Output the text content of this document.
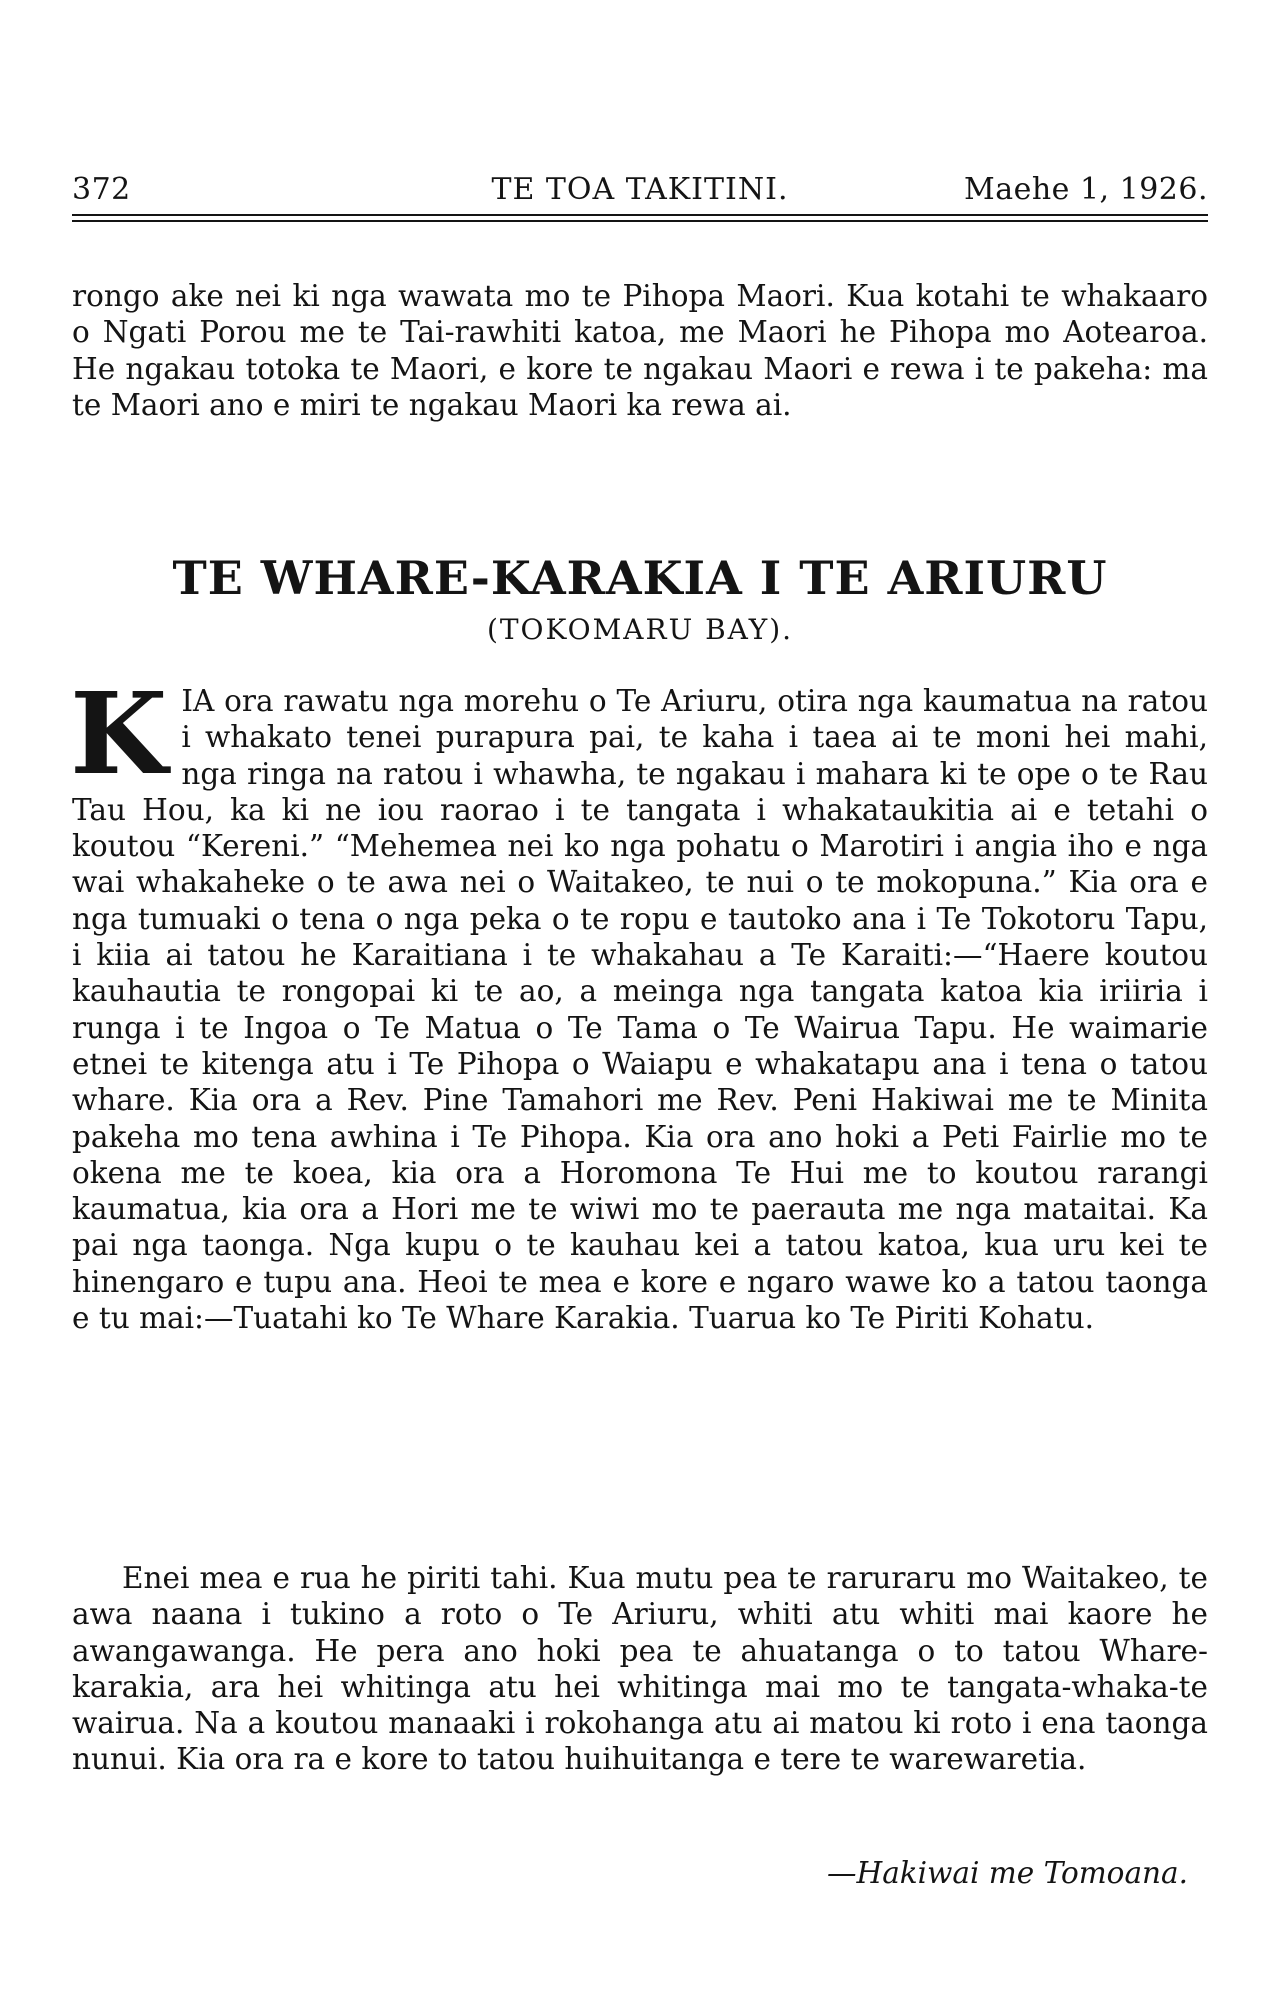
372	TE TOA TAKITINI.	Maehe 1, 1926.

rongo ake nei ki nga wawata mo te Pihopa Maori. Kua kotahi te whakaaro o Ngati Porou me te Tai-rawhiti katoa, me Maori he Pihopa mo Aotearoa. He ngakau totoka te Maori, e kore te ngakau Maori e rewa i te pakeha: ma te Maori ano e miri te ngakau Maori ka rewa ai.

TE WHARE-KARAKIA I TE ARIURU
(TOKOMARU BAY).

KIA ora rawatu nga morehu o Te Ariuru, otira nga kaumatua na ratou i whakato tenei purapura pai, te kaha i taea ai te moni hei mahi, nga ringa na ratou i whawha, te ngakau i mahara ki te ope o te Rau Tau Hou, ka ki ne iou raorao i te tangata i whakataukitia ai e tetahi o koutou “Kereni.” “Mehemea nei ko nga pohatu o Marotiri i angia iho e nga wai whakaheke o te awa nei o Waitakeo, te nui o te mokopuna.” Kia ora e nga tumuaki o tena o nga peka o te ropu e tautoko ana i Te Tokotoru Tapu, i kiia ai tatou he Karaitiana i te whakahau a Te Karaiti:—“Haere koutou kauhautia te rongopai ki te ao, a meinga nga tangata katoa kia iriiria i runga i te Ingoa o Te Matua o Te Tama o Te Wairua Tapu. He waimarie etnei te kitenga atu i Te Pihopa o Waiapu e whakatapu ana i tena o tatou whare. Kia ora a Rev. Pine Tamahori me Rev. Peni Hakiwai me te Minita pakeha mo tena awhina i Te Pihopa. Kia ora ano hoki a Peti Fairlie mo te okena me te koea, kia ora a Horomona Te Hui me to koutou rarangi kaumatua, kia ora a Hori me te wiwi mo te paerauta me nga mataitai. Ka pai nga taonga. Nga kupu o te kauhau kei a tatou katoa, kua uru kei te hinengaro e tupu ana. Heoi te mea e kore e ngaro wawe ko a tatou taonga e tu mai:—Tuatahi ko Te Whare Karakia. Tuarua ko Te Piriti Kohatu.

Enei mea e rua he piriti tahi. Kua mutu pea te raruraru mo Waitakeo, te awa naana i tukino a roto o Te Ariuru, whiti atu whiti mai kaore he awangawanga. He pera ano hoki pea te ahuatanga o to tatou Whare-karakia, ara hei whitinga atu hei whitinga mai mo te tangata-whaka-te wairua. Na a koutou manaaki i rokohanga atu ai matou ki roto i ena taonga nunui. Kia ora ra e kore to tatou huihuitanga e tere te warewaretia.

—Hakiwai me Tomoana.
